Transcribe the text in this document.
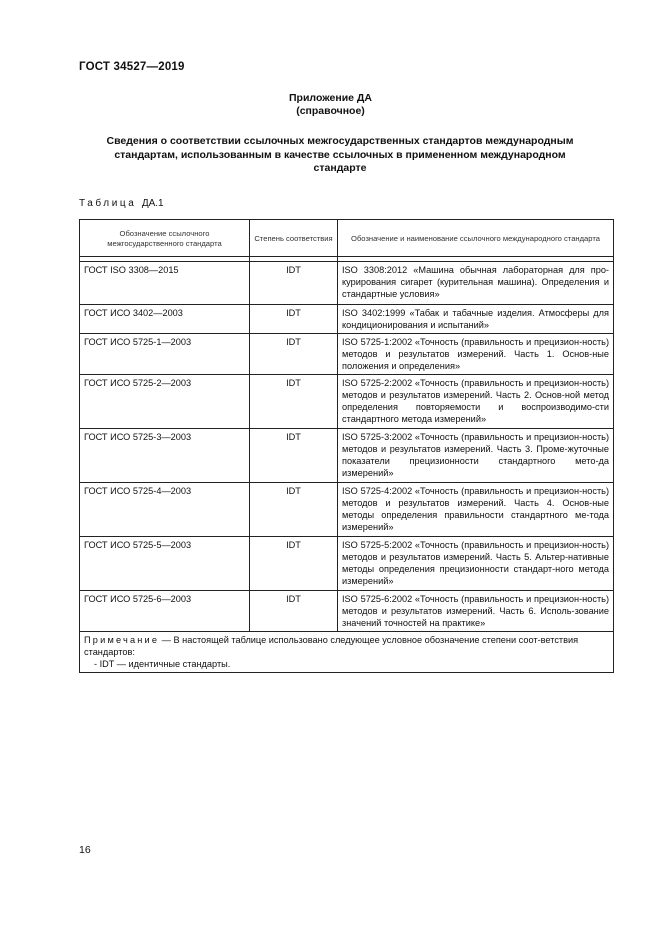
ГОСТ 34527—2019
Приложение ДА
(справочное)
Сведения о соответствии ссылочных межгосударственных стандартов международным стандартам, использованным в качестве ссылочных в примененном международном стандарте
Таблица ДА.1
Обозначение ссылочного межгосударственного стандарта	Степень соответствия	Обозначение и наименование ссылочного международного стандарта

ГОСТ ISO 3308—2015	IDT	ISO 3308:2012 «Машина обычная лабораторная для про-курирования сигарет (курительная машина). Определения и стандартные условия»
ГОСТ ИСО 3402—2003	IDT	ISO 3402:1999 «Табак и табачные изделия. Атмосферы для кондиционирования и испытаний»
ГОСТ ИСО 5725-1—2003	IDT	ISO 5725-1:2002 «Точность (правильность и прецизион-ность) методов и результатов измерений. Часть 1. Основ-ные положения и определения»
ГОСТ ИСО 5725-2—2003	IDT	ISO 5725-2:2002 «Точность (правильность и прецизион-ность) методов и результатов измерений. Часть 2. Основ-ной метод определения повторяемости и воспроизводимо-сти стандартного метода измерений»
ГОСТ ИСО 5725-3—2003	IDT	ISO 5725-3:2002 «Точность (правильность и прецизион-ность) методов и результатов измерений. Часть 3. Проме-жуточные показатели прецизионности стандартного мето-да измерений»
ГОСТ ИСО 5725-4—2003	IDT	ISO 5725-4:2002 «Точность (правильность и прецизион-ность) методов и результатов измерений. Часть 4. Основ-ные методы определения правильности стандартного ме-тода измерений»
ГОСТ ИСО 5725-5—2003	IDT	ISO 5725-5:2002 «Точность (правильность и прецизион-ность) методов и результатов измерений. Часть 5. Альтер-нативные методы определения прецизионности стандарт-ного метода измерений»
ГОСТ ИСО 5725-6—2003	IDT	ISO 5725-6:2002 «Точность (правильность и прецизион-ность) методов и результатов измерений. Часть 6. Исполь-зование значений точностей на практике»

Примечание — В настоящей таблице использовано следующее условное обозначение степени соот-ветствия стандартов:
- IDT — идентичные стандарты.		
16
